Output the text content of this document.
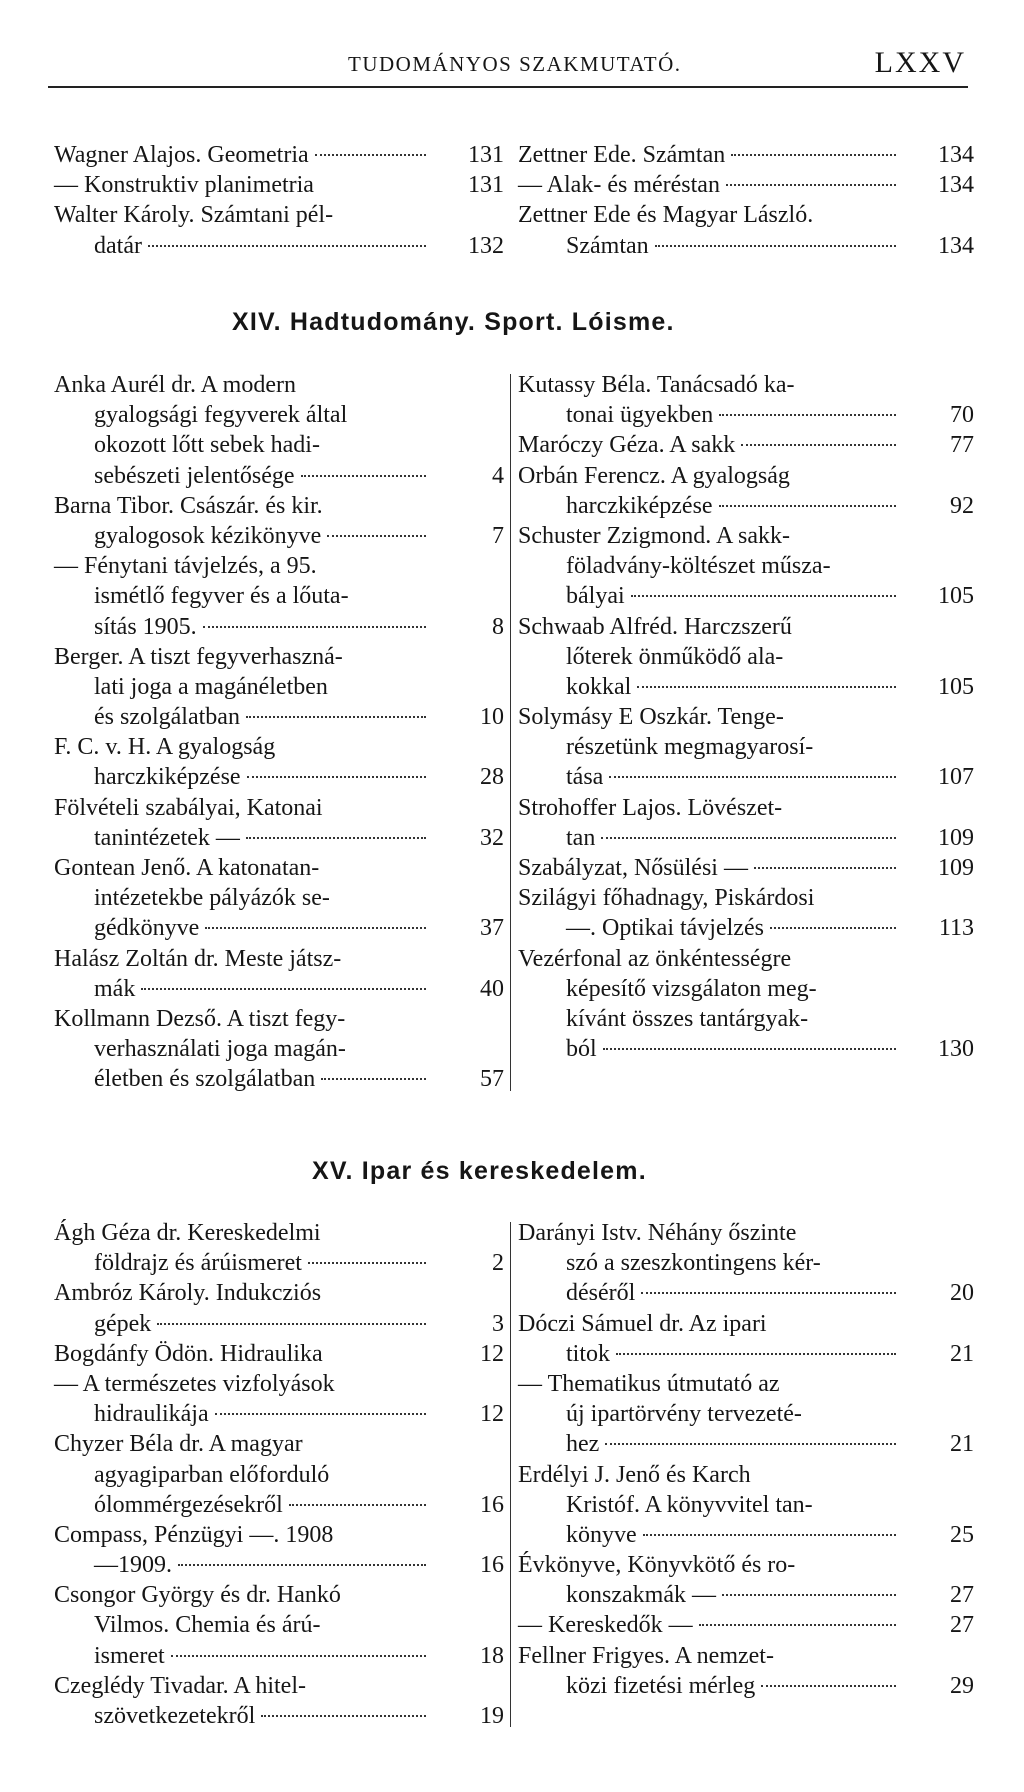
TUDOMÁNYOS SZAKMUTATÓ.	LXXV
Wagner Alajos. Geometria	131
— Konstruktiv planimetria	131
Walter Károly. Számtani pél-
datár	132
Zettner Ede. Számtan	134
— Alak- és méréstan	134
Zettner Ede és Magyar László.
Számtan	134
XIV. Hadtudomány. Sport. Lóisme.
Anka Aurél dr. A modern
gyalogsági fegyverek által
okozott lőtt sebek hadi-
sebészeti jelentősége	4
Barna Tibor. Császár. és kir.
gyalogosok kézikönyve	7
— Fénytani távjelzés, a 95.
ismétlő fegyver és a lőuta-
sítás 1905.	8
Berger. A tiszt fegyverhaszná-
lati joga a magánéletben
és szolgálatban	10
F. C. v. H. A gyalogság
harczkiképzése	28
Fölvételi szabályai, Katonai
tanintézetek —	32
Gontean Jenő. A katonatan-
intézetekbe pályázók se-
gédkönyve	37
Halász Zoltán dr. Meste játsz-
mák	40
Kollmann Dezső. A tiszt fegy-
verhasználati joga magán-
életben és szolgálatban	57
Kutassy Béla. Tanácsadó ka-
tonai ügyekben	70
Maróczy Géza. A sakk	77
Orbán Ferencz. A gyalogság
harczkiképzése	92
Schuster Zzigmond. A sakk-
föladvány-költészet műsza-
bályai	105
Schwaab Alfréd. Harczszerű
lőterek önműködő ala-
kokkal	105
Solymásy E Oszkár. Tenge-
részetünk megmagyarosí-
tása	107
Strohoffer Lajos. Lövészet-
tan	109
Szabályzat, Nősülési —	109
Szilágyi főhadnagy, Piskárdosi
—. Optikai távjelzés	113
Vezérfonal az önkéntességre
képesítő vizsgálaton meg-
kívánt összes tantárgyak-
ból	130
XV. Ipar és kereskedelem.
Ágh Géza dr. Kereskedelmi
földrajz és árúismeret	2
Ambróz Károly. Indukcziós
gépek	3
Bogdánfy Ödön. Hidraulika	12
— A természetes vizfolyások
hidraulikája	12
Chyzer Béla dr. A magyar
agyagiparban előforduló
ólommérgezésekről	16
Compass, Pénzügyi —. 1908
—1909.	16
Csongor György és dr. Hankó
Vilmos. Chemia és árú-
ismeret	18
Czeglédy Tivadar. A hitel-
szövetkezetekről	19
Darányi Istv. Néhány őszinte
szó a szeszkontingens kér-
déséről	20
Dóczi Sámuel dr. Az ipari
titok	21
— Thematikus útmutató az
új ipartörvény tervezeté-
hez	21
Erdélyi J. Jenő és Karch
Kristóf. A könyvvitel tan-
könyve	25
Évkönyve, Könyvkötő és ro-
konszakmák —	27
— Kereskedők —	27
Fellner Frigyes. A nemzet-
közi fizetési mérleg	29
